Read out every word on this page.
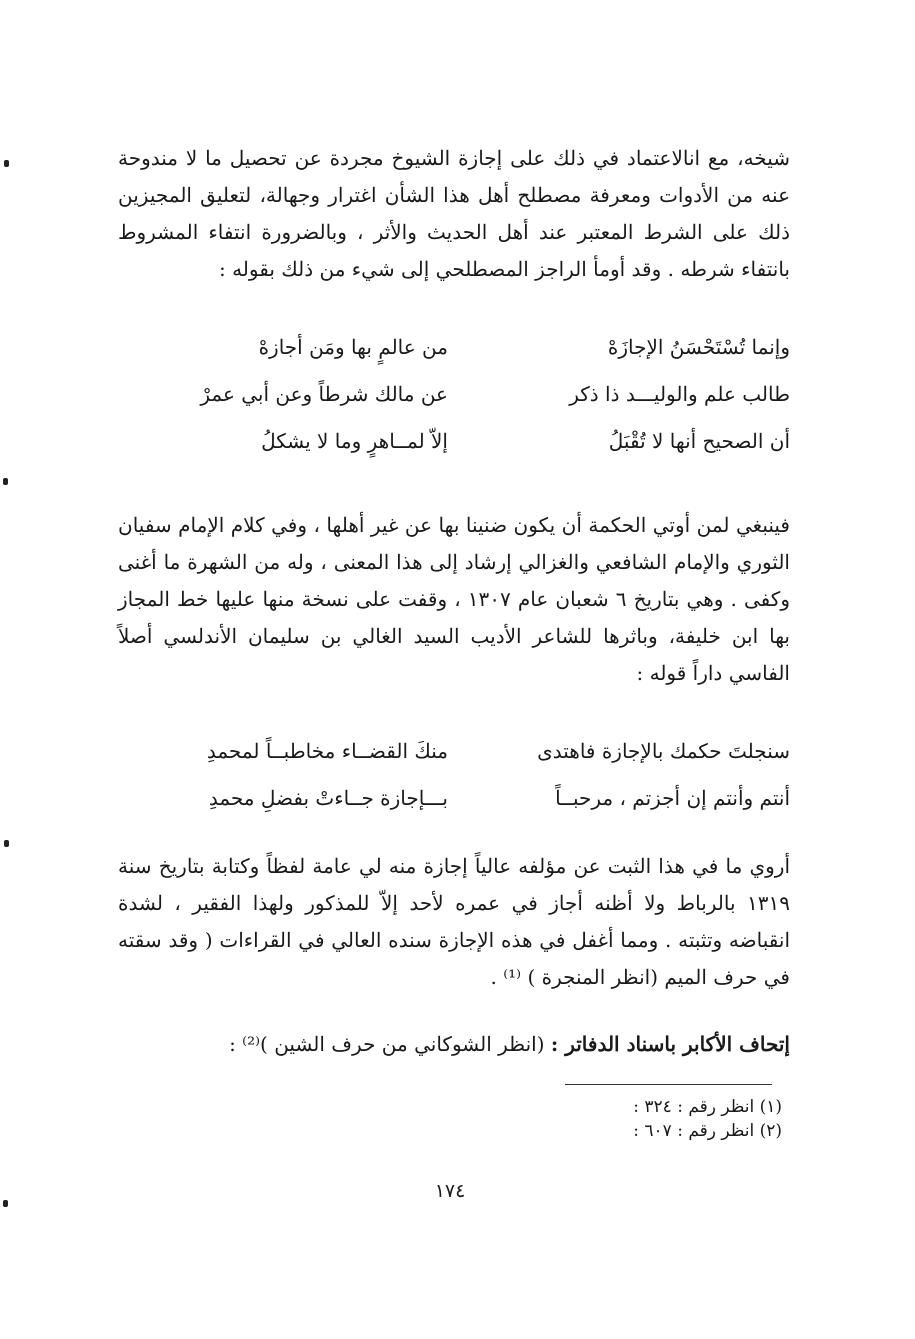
شيخه، مع انالاعتماد في ذلك على إجازة الشيوخ مجردة عن تحصيل ما لا مندوحة عنه من الأدوات ومعرفة مصطلح أهل هذا الشأن اغترار وجهالة، لتعليق المجيزين ذلك على الشرط المعتبر عند أهل الحديث والأثر ، وبالضرورة انتفاء المشروط بانتفاء شرطه . وقد أومأ الراجز المصطلحي إلى شيء من ذلك بقوله :

وإنما تُسْتَحْسَنُ الإجازَهْ
من عالمٍ بها ومَن أجازهْ
طالب علم والوليـــد ذا ذكر
عن مالك شرطاً وعن أبي عمرْ
أن الصحيح أنها لا تُقْبَلُ
إلاّ لمــاهرٍ وما لا يشكلُ

فينبغي لمن أوتي الحكمة أن يكون ضنينا بها عن غير أهلها ، وفي كلام الإمام سفيان الثوري والإمام الشافعي والغزالي إرشاد إلى هذا المعنى ، وله من الشهرة ما أغنى وكفى . وهي بتاريخ ٦ شعبان عام ١٣٠٧ ، وقفت على نسخة منها عليها خط المجاز بها ابن خليفة، وباثرها للشاعر الأديب السيد الغالي بن سليمان الأندلسي أصلاً الفاسي داراً قوله :

سنجلتَ حكمك بالإجازة فاهتدى
منكَ القضــاء مخاطبــاً لمحمدِ
أنتم وأنتم إن أجزتم ، مرحبــاً
بـــإجازة جــاءتْ بفضلِ محمدِ

أروي ما في هذا الثبت عن مؤلفه عالياً إجازة منه لي عامة لفظاً وكتابة بتاريخ سنة ١٣١٩ بالرباط ولا أظنه أجاز في عمره لأحد إلاّ للمذكور ولهذا الفقير ، لشدة انقباضه وتثبته . ومما أغفل في هذه الإجازة سنده العالي في القراءات ( وقد سقته في حرف الميم (انظر المنجرة ) ⁽¹⁾ .

إتحاف الأكابر باسناد الدفاتر : (انظر الشوكاني من حرف الشين )⁽²⁾ :
(١) انظر رقم : ٣٢٤ :
(٢) انظر رقم : ٦٠٧ :
١٧٤
